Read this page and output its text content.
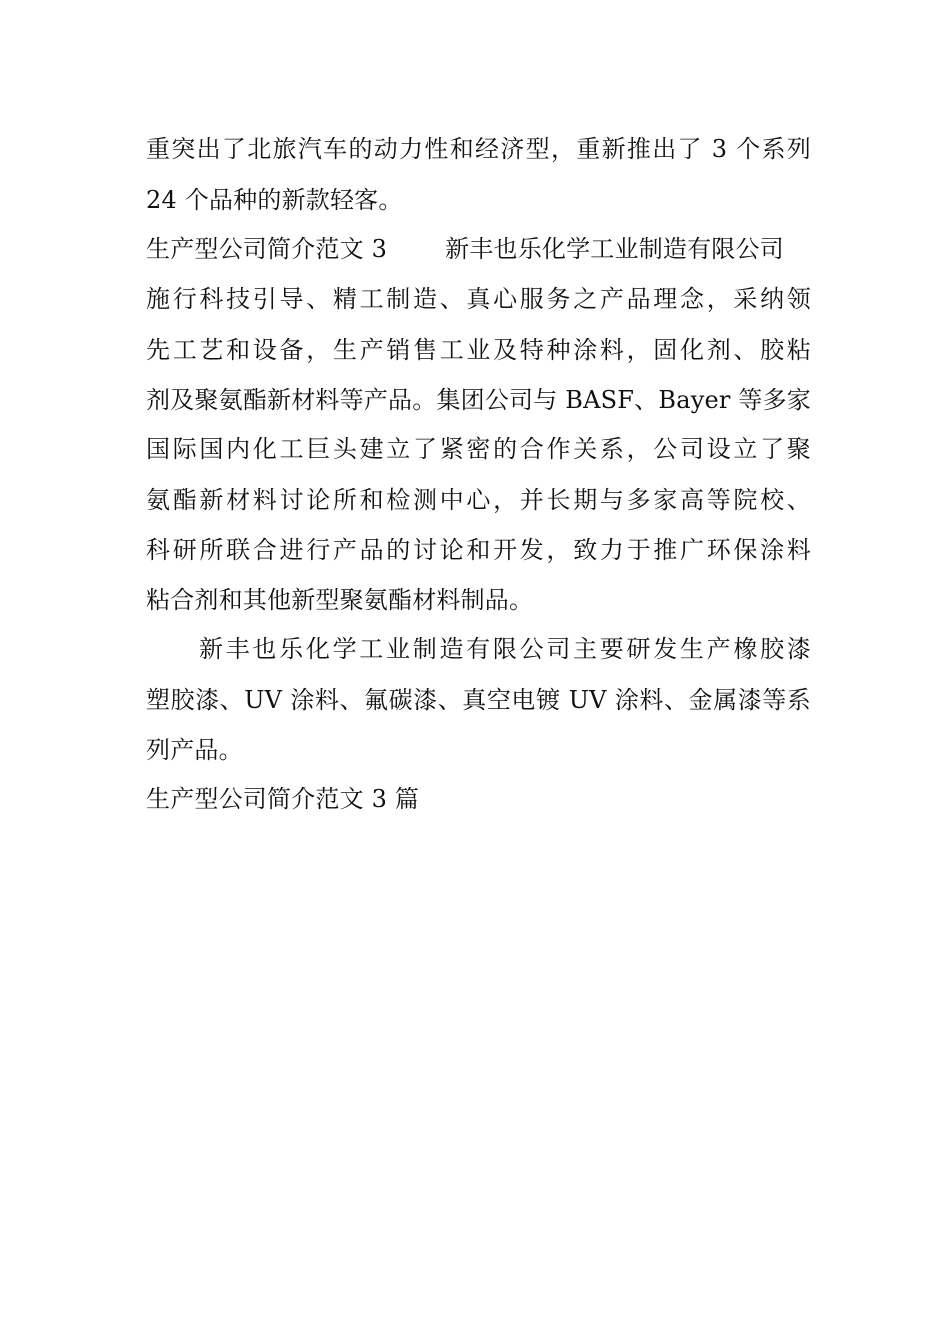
重突出了北旅汽车的动力性和经济型，重新推出了 3 个系列
24 个品种的新款轻客。
生产型公司简介范文 3 新丰也乐化学工业制造有限公司
施行科技引导、精工制造、真心服务之产品理念，采纳领
先工艺和设备，生产销售工业及特种涂料，固化剂、胶粘
剂及聚氨酯新材料等产品。集团公司与 BASF、Bayer 等多家
国际国内化工巨头建立了紧密的合作关系，公司设立了聚
氨酯新材料讨论所和检测中心，并长期与多家高等院校、
科研所联合进行产品的讨论和开发，致力于推广环保涂料
粘合剂和其他新型聚氨酯材料制品。
新丰也乐化学工业制造有限公司主要研发生产橡胶漆
塑胶漆、UV 涂料、氟碳漆、真空电镀 UV 涂料、金属漆等系
列产品。
生产型公司简介范文 3 篇
